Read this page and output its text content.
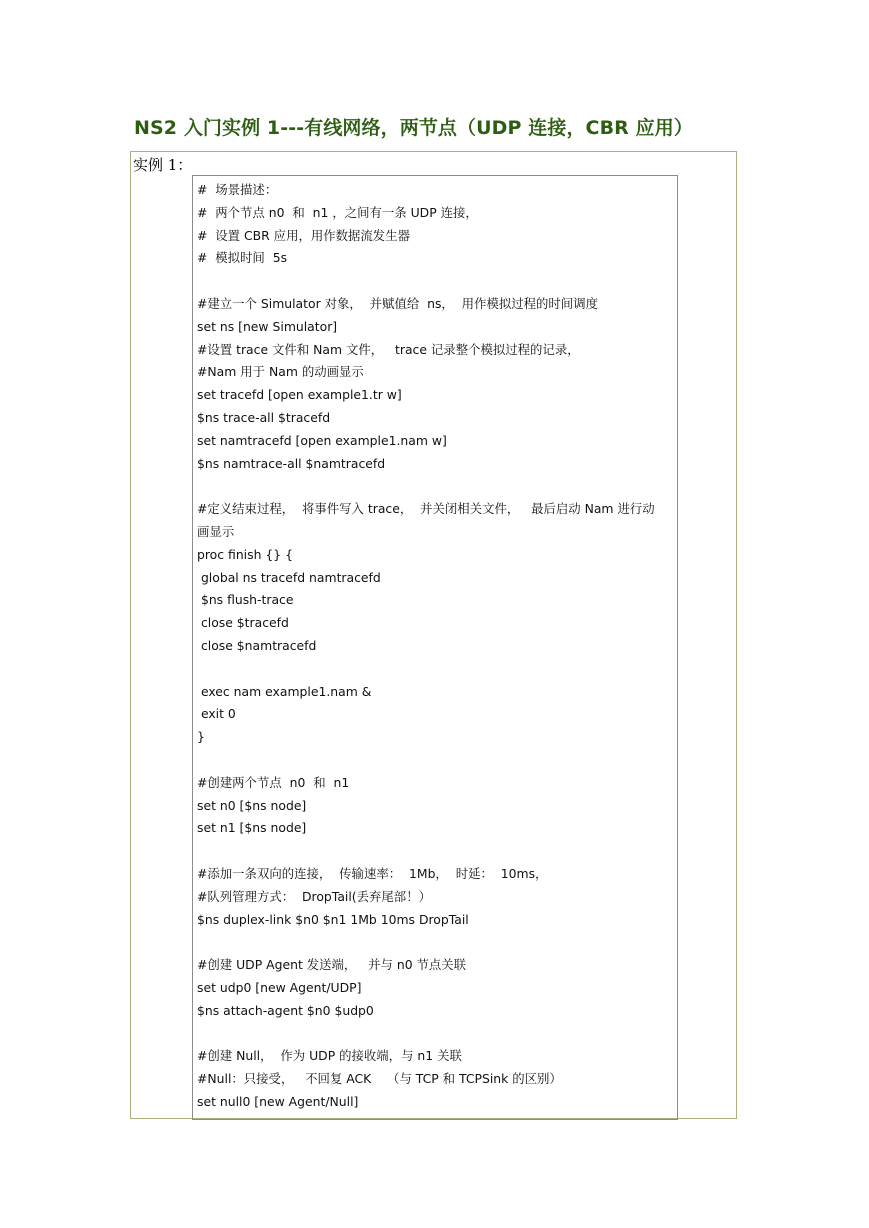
NS2 入门实例 1---有线网络，两节点（UDP 连接，CBR 应用）
实例 1：
#  场景描述：
#  两个节点 n0  和  n1 ，之间有一条 UDP 连接，
#  设置 CBR 应用，用作数据流发生器
#  模拟时间  5s
#建立一个 Simulator 对象，  并赋值给  ns，  用作模拟过程的时间调度
set ns [new Simulator]
#设置 trace 文件和 Nam 文件，   trace 记录整个模拟过程的记录，
#Nam 用于 Nam 的动画显示
set tracefd [open example1.tr w]
$ns trace-all $tracefd
set namtracefd [open example1.nam w]
$ns namtrace-all $namtracefd
#定义结束过程，  将事件写入 trace，  并关闭相关文件，   最后启动 Nam 进行动
画显示
proc finish {} {
global ns tracefd namtracefd
$ns flush-trace
close $tracefd
close $namtracefd
exec nam example1.nam &
exit 0
}
#创建两个节点  n0  和  n1
set n0 [$ns node]
set n1 [$ns node]
#添加一条双向的连接，  传输速率：  1Mb，  时延：  10ms，
#队列管理方式：  DropTail(丢弃尾部！）
$ns duplex-link $n0 $n1 1Mb 10ms DropTail
#创建 UDP Agent 发送端，   并与 n0 节点关联
set udp0 [new Agent/UDP]
$ns attach-agent $n0 $udp0
#创建 Null，  作为 UDP 的接收端，与 n1 关联
#Null：只接受，   不回复 ACK    （与 TCP 和 TCPSink 的区别）
set null0 [new Agent/Null]
